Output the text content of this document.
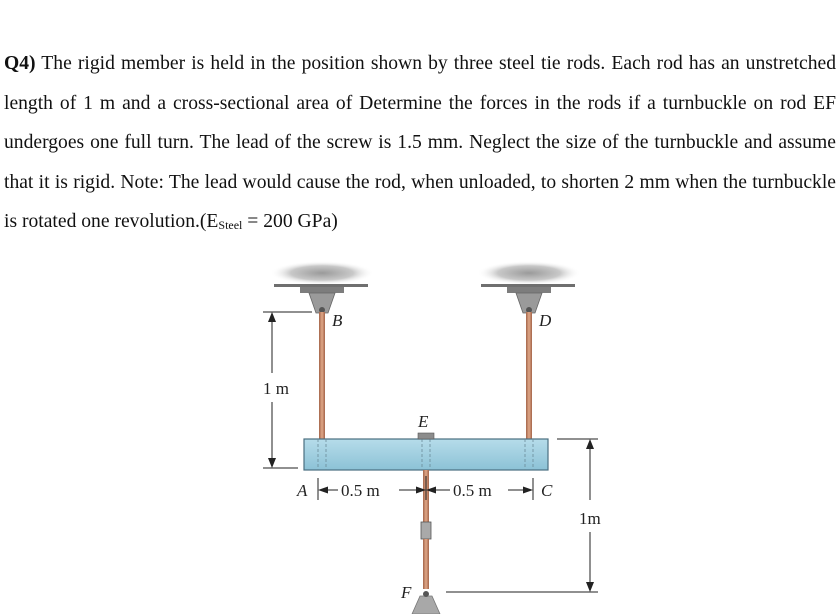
Q4) The rigid member is held in the position shown by three steel tie rods. Each rod has an unstretched length of 1 m and a cross-sectional area of Determine the forces in the rods if a turnbuckle on rod EF undergoes one full turn. The lead of the screw is 1.5 mm. Neglect the size of the turnbuckle and assume that it is rigid. Note: The lead would cause the rod, when unloaded, to shorten 2 mm when the turnbuckle is rotated one $revolution.(E_{Steel} = 200$ GPa)

B	D
E
A	C
F
1 m
1m
0.5 m	0.5 m
